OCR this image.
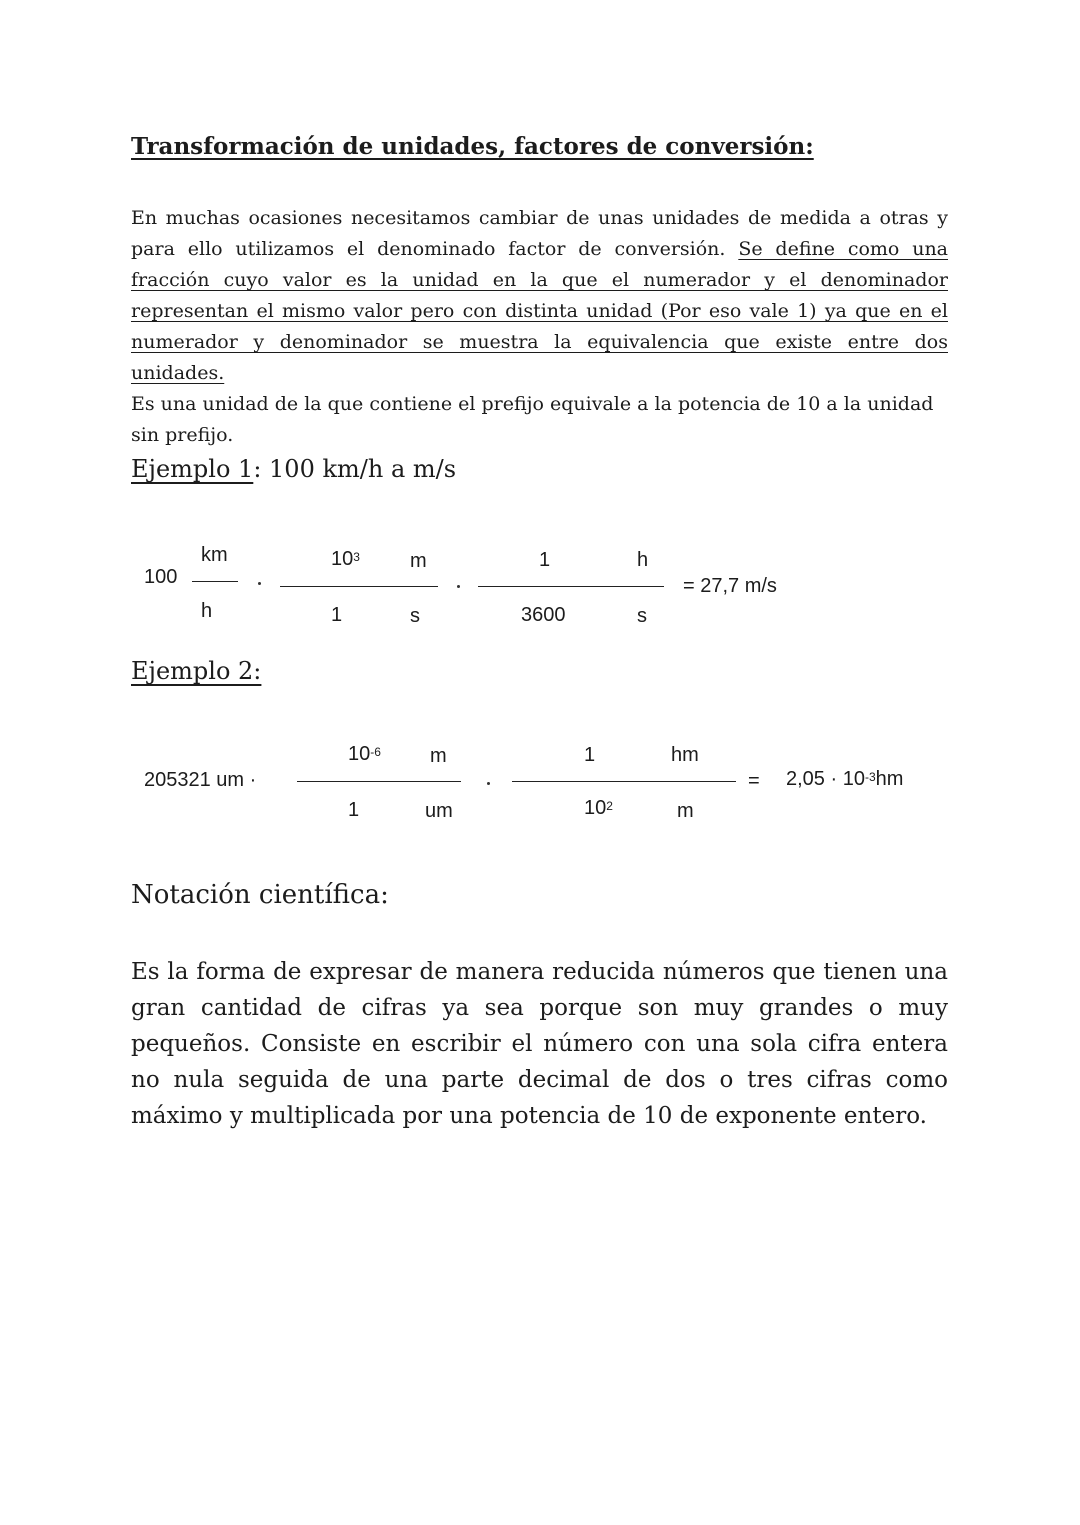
Transformación de unidades, factores de conversión:

En muchas ocasiones necesitamos cambiar de unas unidades de medida a otras y para ello utilizamos el denominado factor de conversión. Se define como una fracción cuyo valor es la unidad en la que el numerador y el denominador representan el mismo valor pero con distinta unidad (Por eso vale 1) ya que en el numerador y denominador se muestra la equivalencia que existe entre dos unidades.

Es una unidad de la que contiene el prefijo equivale a la potencia de 10 a la unidad sin prefijo.

Ejemplo 1: 100 km/h a m/s
100
km
h
$10^3$	m
1	s
1	h
3600	s
= 27,7 m/s
Ejemplo 2:
205321 um ·
$10^{-6}$ m
1	um
1	hm
$10^2$	m
= $2,05 \cdot 10^{-3}hm$
Notación científica:

Es la forma de expresar de manera reducida números que tienen una gran cantidad de cifras ya sea porque son muy grandes o muy pequeños. Consiste en escribir el número con una sola cifra entera no nula seguida de una parte decimal de dos o tres cifras como máximo y multiplicada por una potencia de 10 de exponente entero.
